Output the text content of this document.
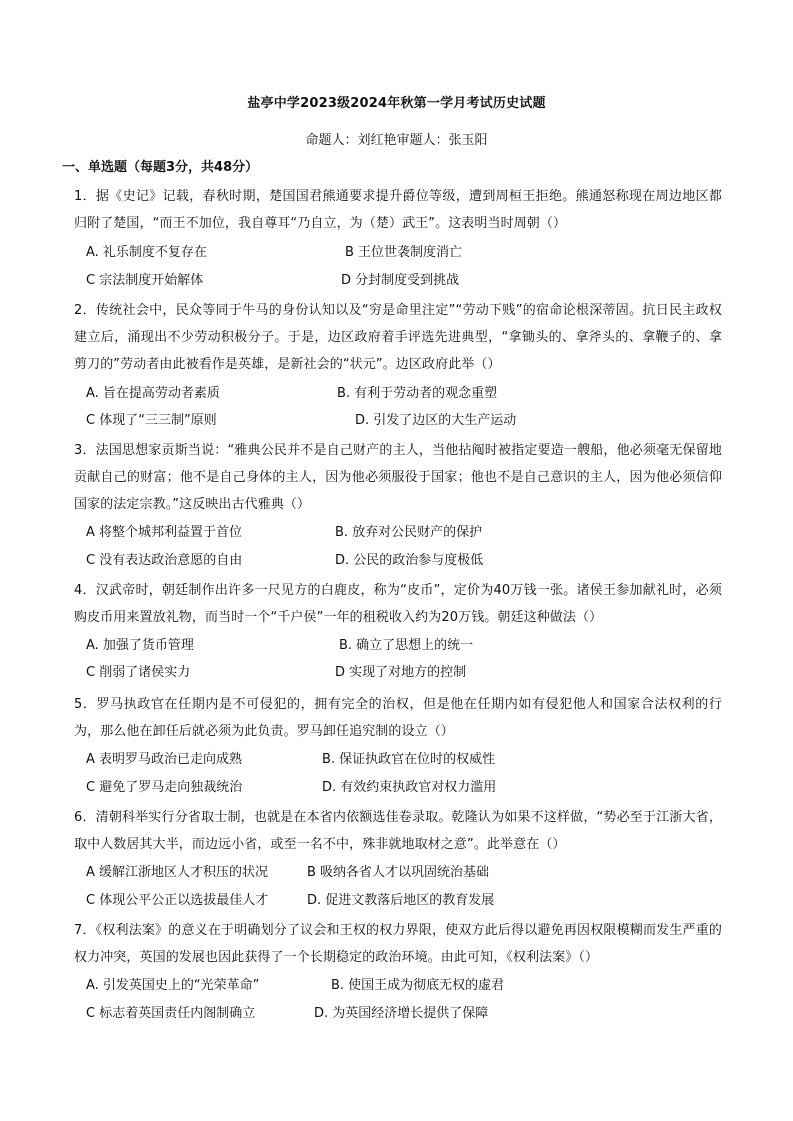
盐亭中学2023级2024年秋第一学月考试历史试题
命题人：刘红艳审题人：张玉阳
一、单选题（每题3分，共48分）
1．据《史记》记载，春秋时期，楚国国君熊通要求提升爵位等级，遭到周桓王拒绝。熊通怒称现在周边地区都归附了楚国，“而王不加位，我自尊耳“乃自立，为（楚）武王”。这表明当时周朝（）
A. 礼乐制度不复存在	B 王位世袭制度消亡
C 宗法制度开始解体	D 分封制度受到挑战
2．传统社会中，民众等同于牛马的身份认知以及“穷是命里注定”“劳动下贱”的宿命论根深蒂固。抗日民主政权建立后，涌现出不少劳动积极分子。于是，边区政府着手评选先进典型，“拿锄头的、拿斧头的、拿鞭子的、拿剪刀的”劳动者由此被看作是英雄，是新社会的“状元”。边区政府此举（）
A. 旨在提高劳动者素质	B. 有利于劳动者的观念重塑
C 体现了“三三制”原则	D. 引发了边区的大生产运动
3．法国思想家贡斯当说：“雅典公民并不是自己财产的主人，当他拈阄时被指定要造一艘船，他必须毫无保留地贡献自己的财富；他不是自己身体的主人，因为他必须服役于国家；他也不是自己意识的主人，因为他必须信仰国家的法定宗教。”这反映出古代雅典（）
A 将整个城邦利益置于首位	B. 放弃对公民财产的保护
C 没有表达政治意愿的自由	D. 公民的政治参与度极低
4．汉武帝时，朝廷制作出许多一尺见方的白鹿皮，称为“皮币”，定价为40万钱一张。诸侯王参加献礼时，必须购皮币用来置放礼物，而当时一个“千户侯”一年的租税收入约为20万钱。朝廷这种做法（）
A. 加强了货币管理	B. 确立了思想上的统一
C 削弱了诸侯实力	D 实现了对地方的控制
5．罗马执政官在任期内是不可侵犯的，拥有完全的治权，但是他在任期内如有侵犯他人和国家合法权利的行为，那么他在卸任后就必须为此负责。罗马卸任追究制的设立（）
A 表明罗马政治已走向成熟	B. 保证执政官在位时的权威性
C 避免了罗马走向独裁统治	D. 有效约束执政官对权力滥用
6．清朝科举实行分省取士制，也就是在本省内依额选佳卷录取。乾隆认为如果不这样做，“势必至于江浙大省，取中人数居其大半，而边远小省，或至一名不中，殊非就地取材之意”。此举意在（）
A 缓解江浙地区人才积压的状况	B 吸纳各省人才以巩固统治基础
C 体现公平公正以选拔最佳人才	D. 促进文教落后地区的教育发展
7．《权利法案》的意义在于明确划分了议会和王权的权力界限，使双方此后得以避免再因权限模糊而发生严重的权力冲突，英国的发展也因此获得了一个长期稳定的政治环境。由此可知，《权利法案》（）
A. 引发英国史上的“光荣革命”	B. 使国王成为彻底无权的虚君
C 标志着英国责任内阁制确立	D. 为英国经济增长提供了保障
